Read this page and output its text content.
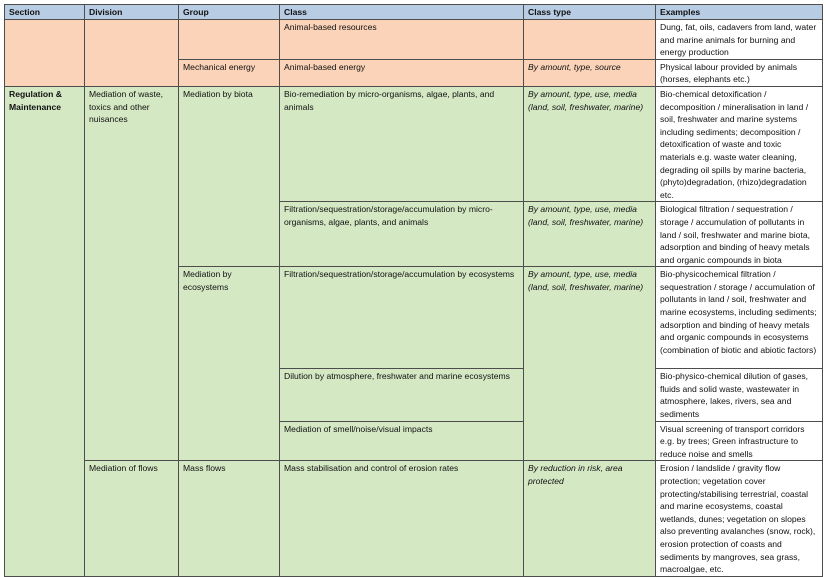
Section	Division	Group	Class	Class type	Examples
			Animal-based resources		Dung, fat, oils, cadavers from land, water and marine animals for burning and energy production
		Mechanical energy	Animal-based energy	By amount, type, source	Physical labour provided by animals (horses, elephants etc.)
Regulation & Maintenance	Mediation of waste, toxics and other nuisances	Mediation by biota	Bio-remediation by micro-organisms, algae, plants, and animals	By amount, type, use, media (land, soil, freshwater, marine)	Bio-chemical detoxification / decomposition / mineralisation in land / soil, freshwater and marine systems including sediments; decomposition / detoxification of waste and toxic materials e.g. waste water cleaning, degrading oil spills by marine bacteria, (phyto)degradation, (rhizo)degradation etc.
			Filtration/sequestration/storage/accumulation by micro-organisms, algae, plants, and animals	By amount, type, use, media (land, soil, freshwater, marine)	Biological filtration / sequestration / storage / accumulation of pollutants in land / soil, freshwater and marine biota, adsorption and binding of heavy metals and organic compounds in biota
		Mediation by ecosystems	Filtration/sequestration/storage/accumulation by ecosystems	By amount, type, use, media (land, soil, freshwater, marine)	Bio-physicochemical filtration / sequestration / storage / accumulation of pollutants in land / soil, freshwater and marine ecosystems, including sediments; adsorption and binding of heavy metals and organic compounds in ecosystems (combination of biotic and abiotic factors)
			Dilution by atmosphere, freshwater and marine ecosystems		Bio-physico-chemical dilution of gases, fluids and solid waste, wastewater in atmosphere, lakes, rivers, sea and sediments
			Mediation of smell/noise/visual impacts		Visual screening of transport corridors e.g. by trees; Green infrastructure to reduce noise and smells
	Mediation of flows	Mass flows	Mass stabilisation and control of erosion rates	By reduction in risk, area protected	Erosion / landslide / gravity flow protection; vegetation cover protecting/stabilising terrestrial, coastal and marine ecosystems, coastal wetlands, dunes; vegetation on slopes also preventing avalanches (snow, rock), erosion protection of coasts and sediments by mangroves, sea grass, macroalgae, etc.
